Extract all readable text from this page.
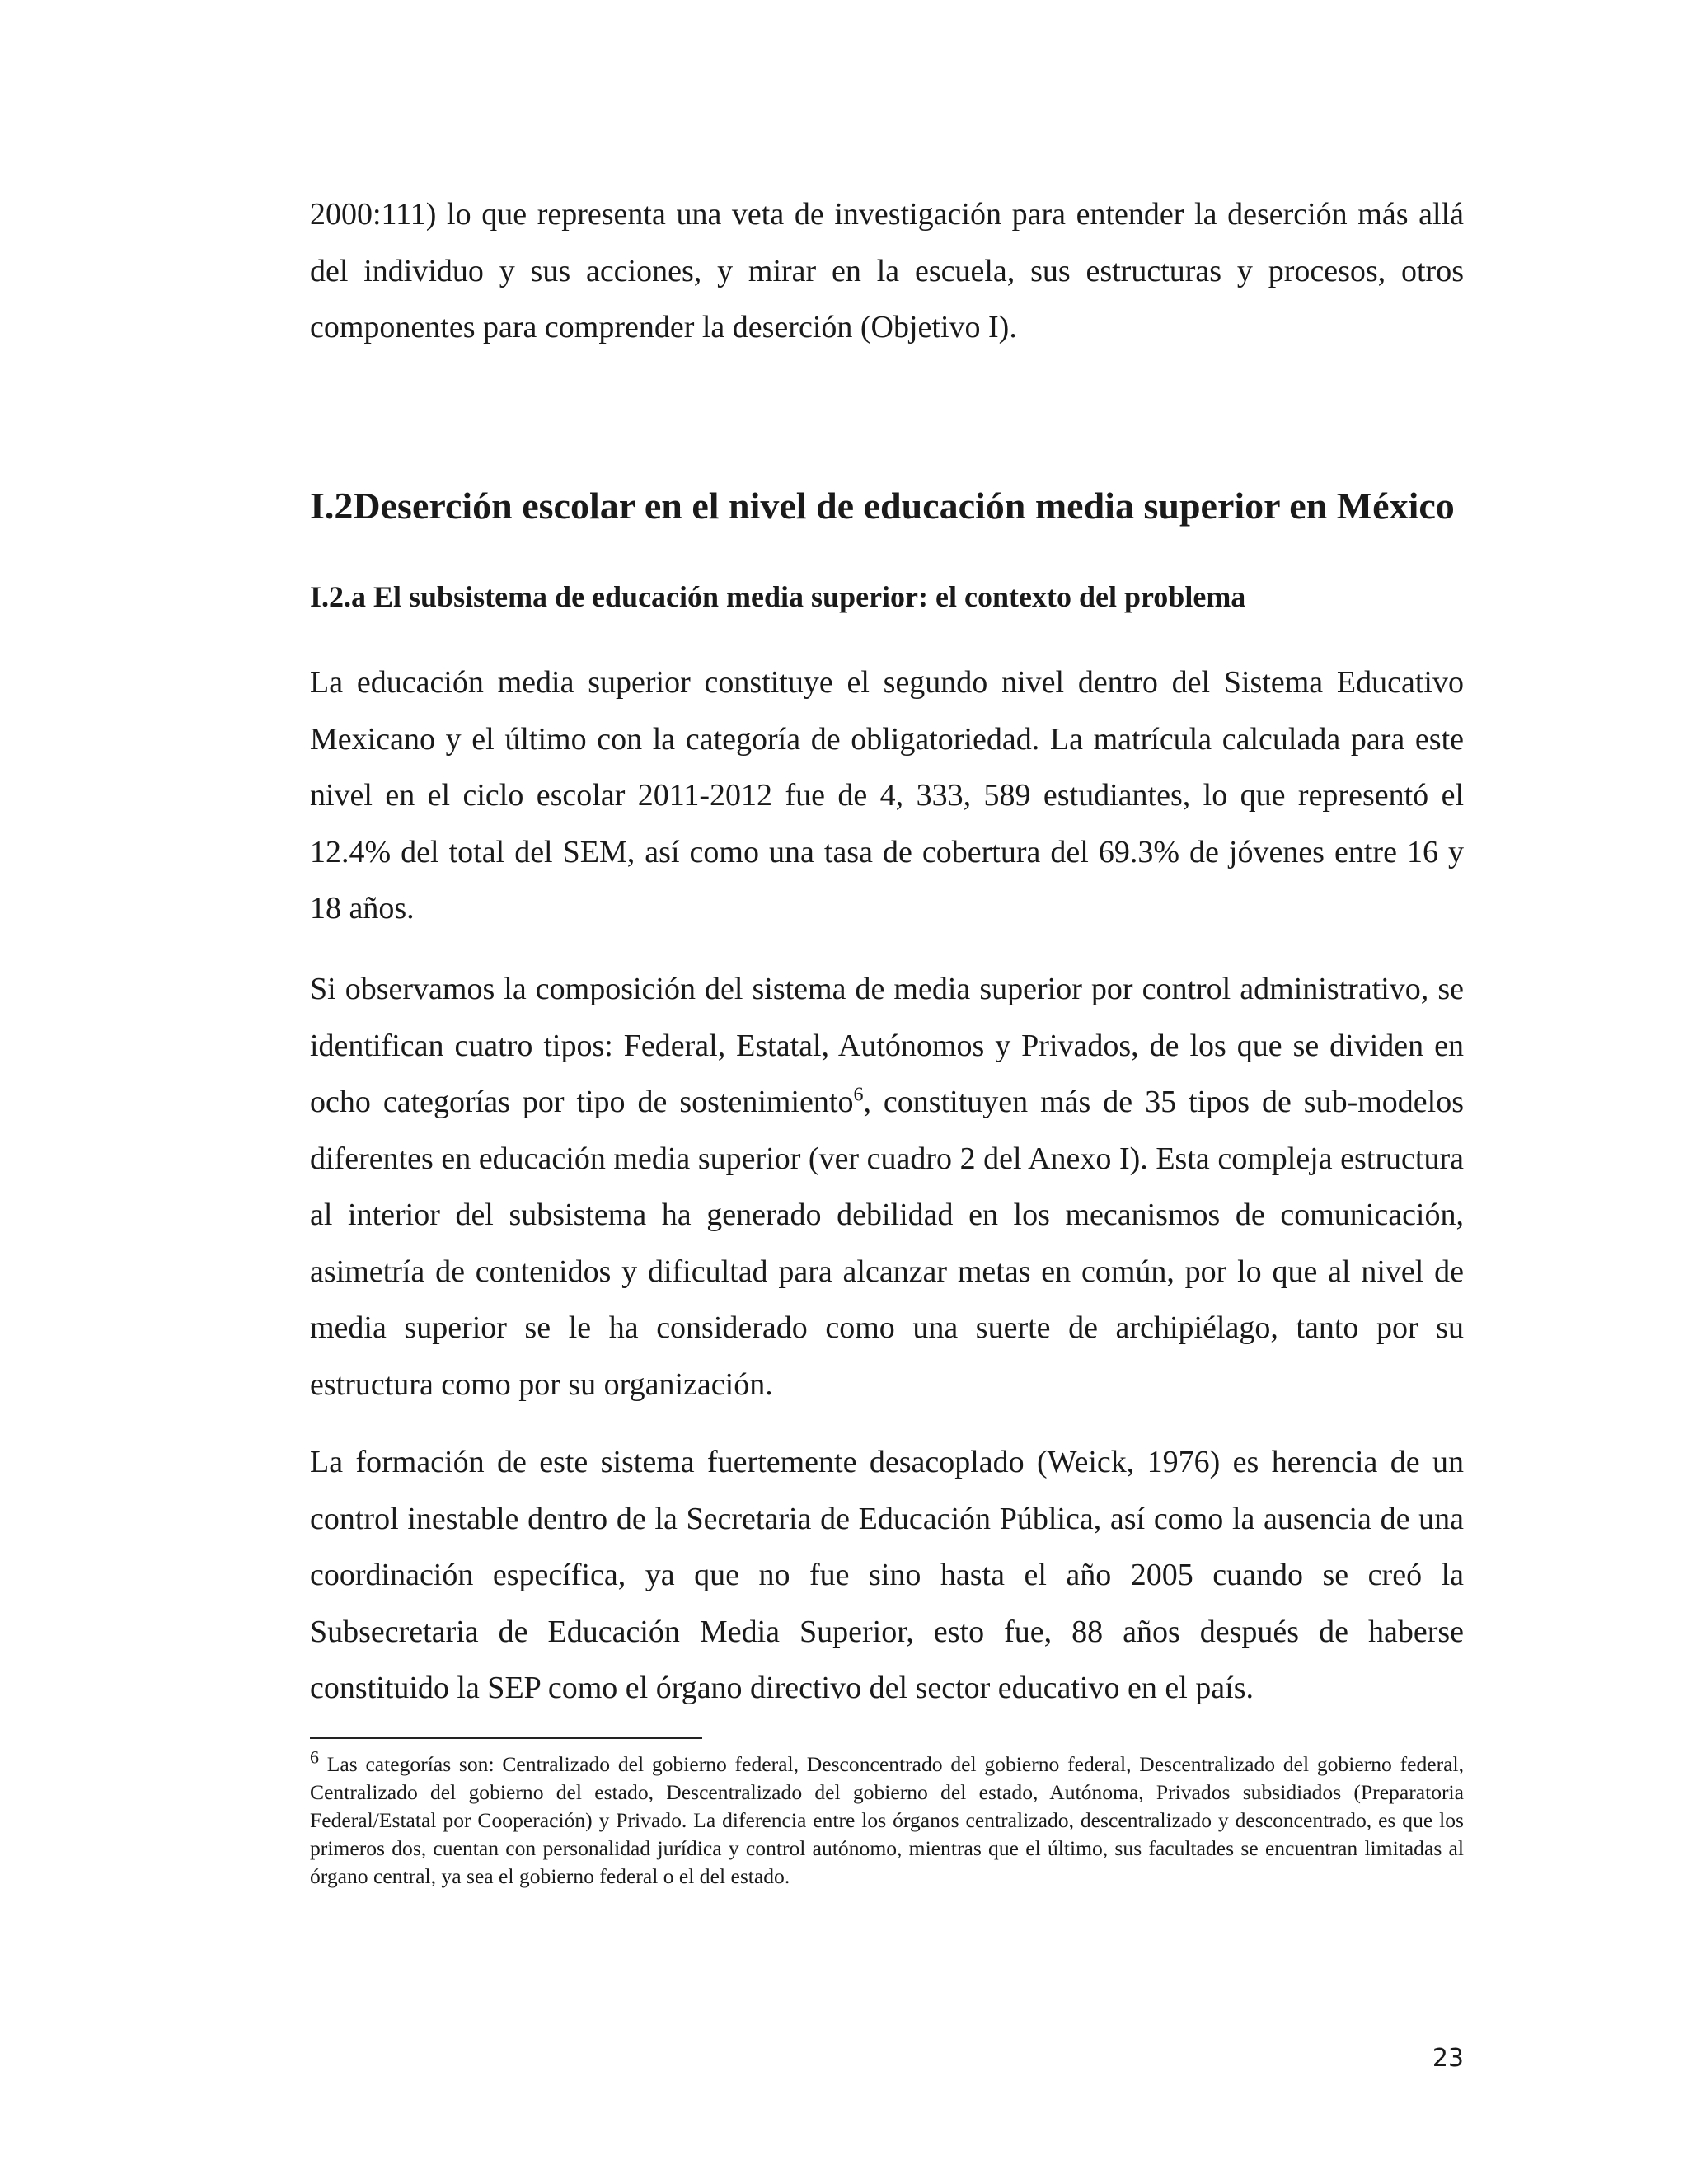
2000:111) lo que representa una veta de investigación para entender la deserción más allá del individuo y sus acciones, y mirar en la escuela, sus estructuras y procesos, otros componentes para comprender la deserción (Objetivo I).

I.2Deserción escolar en el nivel de educación media superior en México
I.2.a El subsistema de educación media superior: el contexto del problema

La educación media superior constituye el segundo nivel dentro del Sistema Educativo Mexicano y el último con la categoría de obligatoriedad. La matrícula calculada para este nivel en el ciclo escolar 2011-2012 fue de 4, 333, 589 estudiantes, lo que representó el 12.4% del total del SEM, así como una tasa de cobertura del 69.3% de jóvenes entre 16 y 18 años.

Si observamos la composición del sistema de media superior por control administrativo, se identifican cuatro tipos: Federal, Estatal, Autónomos y Privados, de los que se dividen en ocho categorías por tipo de sostenimiento$^6$, constituyen más de 35 tipos de sub-modelos diferentes en educación media superior (ver cuadro 2 del Anexo I). Esta compleja estructura al interior del subsistema ha generado debilidad en los mecanismos de comunicación, asimetría de contenidos y dificultad para alcanzar metas en común, por lo que al nivel de media superior se le ha considerado como una suerte de archipiélago, tanto por su estructura como por su organización.

La formación de este sistema fuertemente desacoplado (Weick, 1976) es herencia de un control inestable dentro de la Secretaria de Educación Pública, así como la ausencia de una coordinación específica, ya que no fue sino hasta el año 2005 cuando se creó la Subsecretaria de Educación Media Superior, esto fue, 88 años después de haberse constituido la SEP como el órgano directivo del sector educativo en el país.

$^6$ Las categorías son: Centralizado del gobierno federal, Desconcentrado del gobierno federal, Descentralizado del gobierno federal, Centralizado del gobierno del estado, Descentralizado del gobierno del estado, Autónoma, Privados subsidiados (Preparatoria Federal/Estatal por Cooperación) y Privado. La diferencia entre los órganos centralizado, descentralizado y desconcentrado, es que los primeros dos, cuentan con personalidad jurídica y control autónomo, mientras que el último, sus facultades se encuentran limitadas al órgano central, ya sea el gobierno federal o el del estado.

23
